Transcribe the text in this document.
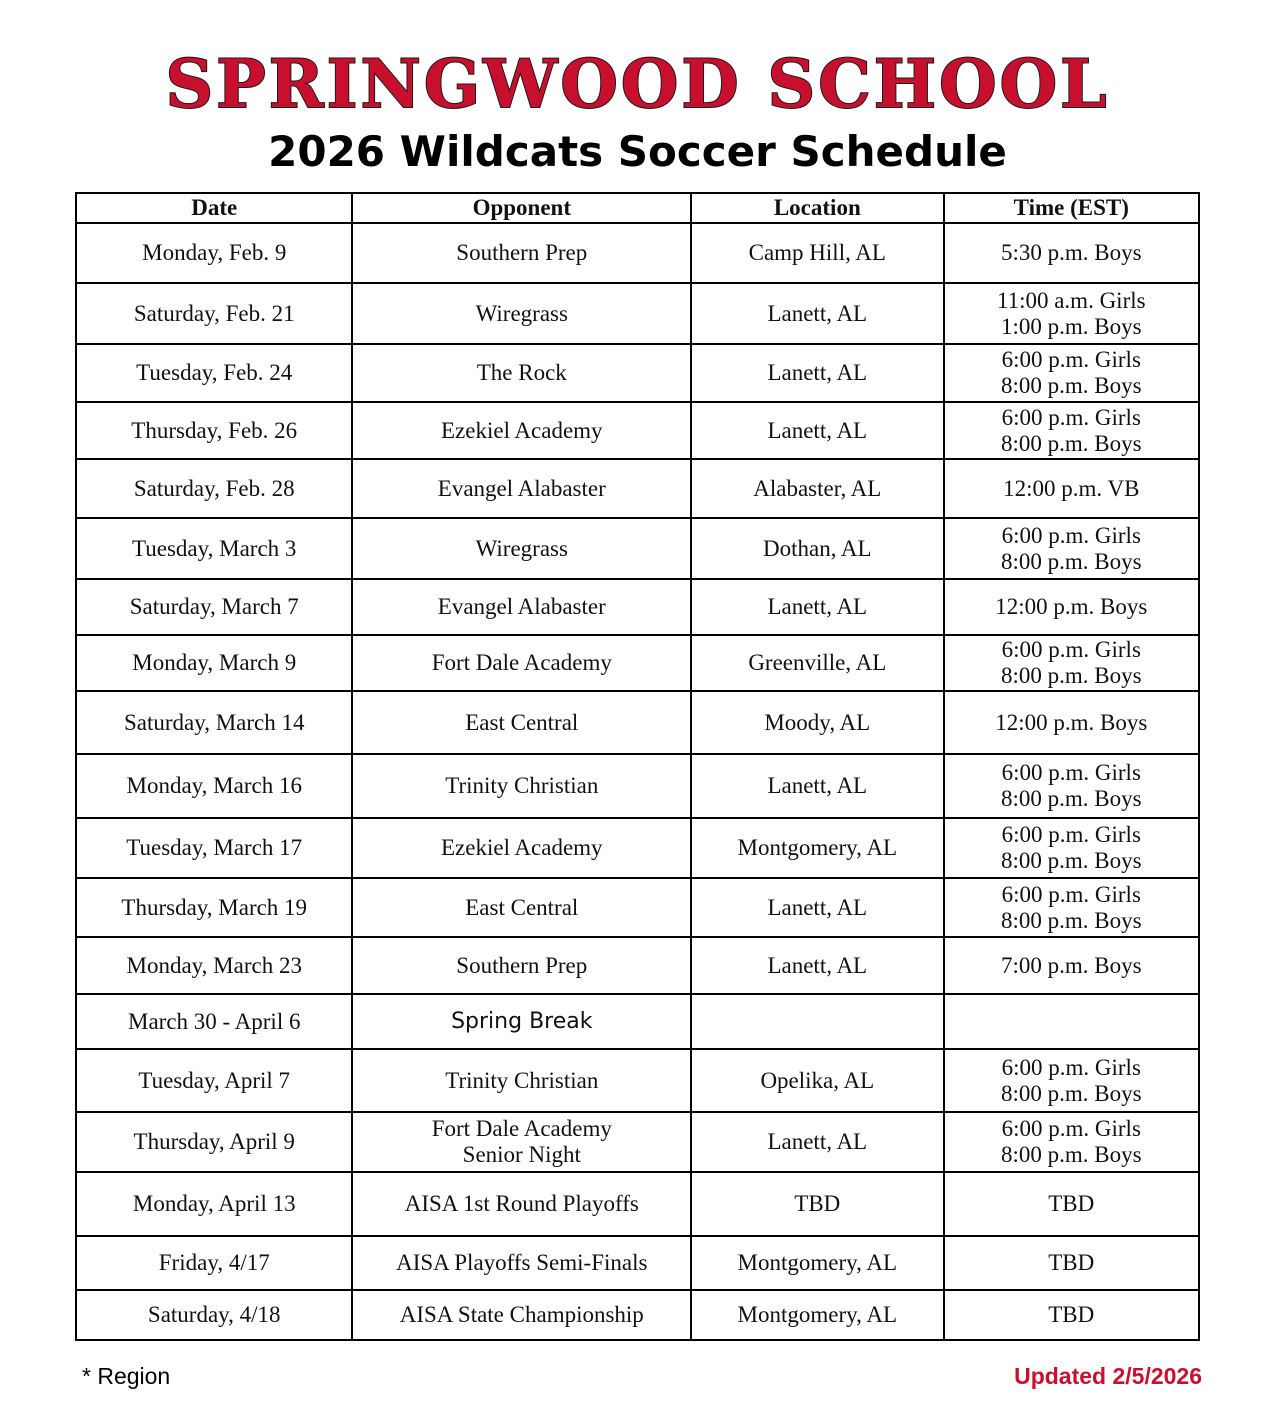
SPRINGWOOD SCHOOL
2026 Wildcats Soccer Schedule
Date	Opponent	Location	Time (EST)

Monday, Feb. 9	Southern Prep	Camp Hill, AL	5:30 p.m. Boys

Saturday, Feb. 21	Wiregrass	Lanett, AL	11:00 a.m. Girls
1:00 p.m. Boys

Tuesday, Feb. 24	The Rock	Lanett, AL	6:00 p.m. Girls
8:00 p.m. Boys

Thursday, Feb. 26	Ezekiel Academy	Lanett, AL	6:00 p.m. Girls
8:00 p.m. Boys

Saturday, Feb. 28	Evangel Alabaster	Alabaster, AL	12:00 p.m. VB

Tuesday, March 3	Wiregrass	Dothan, AL	6:00 p.m. Girls
8:00 p.m. Boys

Saturday, March 7	Evangel Alabaster	Lanett, AL	12:00 p.m. Boys

Monday, March 9	Fort Dale Academy	Greenville, AL	6:00 p.m. Girls
8:00 p.m. Boys

Saturday, March 14	East Central	Moody, AL	12:00 p.m. Boys

Monday, March 16	Trinity Christian	Lanett, AL	6:00 p.m. Girls
8:00 p.m. Boys

Tuesday, March 17	Ezekiel Academy	Montgomery, AL	6:00 p.m. Girls
8:00 p.m. Boys

Thursday, March 19	East Central	Lanett, AL	6:00 p.m. Girls
8:00 p.m. Boys

Monday, March 23	Southern Prep	Lanett, AL	7:00 p.m. Boys

March 30 - April 6	Spring Break		

Tuesday, April 7	Trinity Christian	Opelika, AL	6:00 p.m. Girls
8:00 p.m. Boys

Thursday, April 9	Fort Dale Academy
Senior Night	Lanett, AL	6:00 p.m. Girls
8:00 p.m. Boys

Monday, April 13	AISA 1st Round Playoffs	TBD	TBD

Friday, 4/17	AISA Playoffs Semi-Finals	Montgomery, AL	TBD

Saturday, 4/18	AISA State Championship	Montgomery, AL	TBD
* Region	Updated 2/5/2026
